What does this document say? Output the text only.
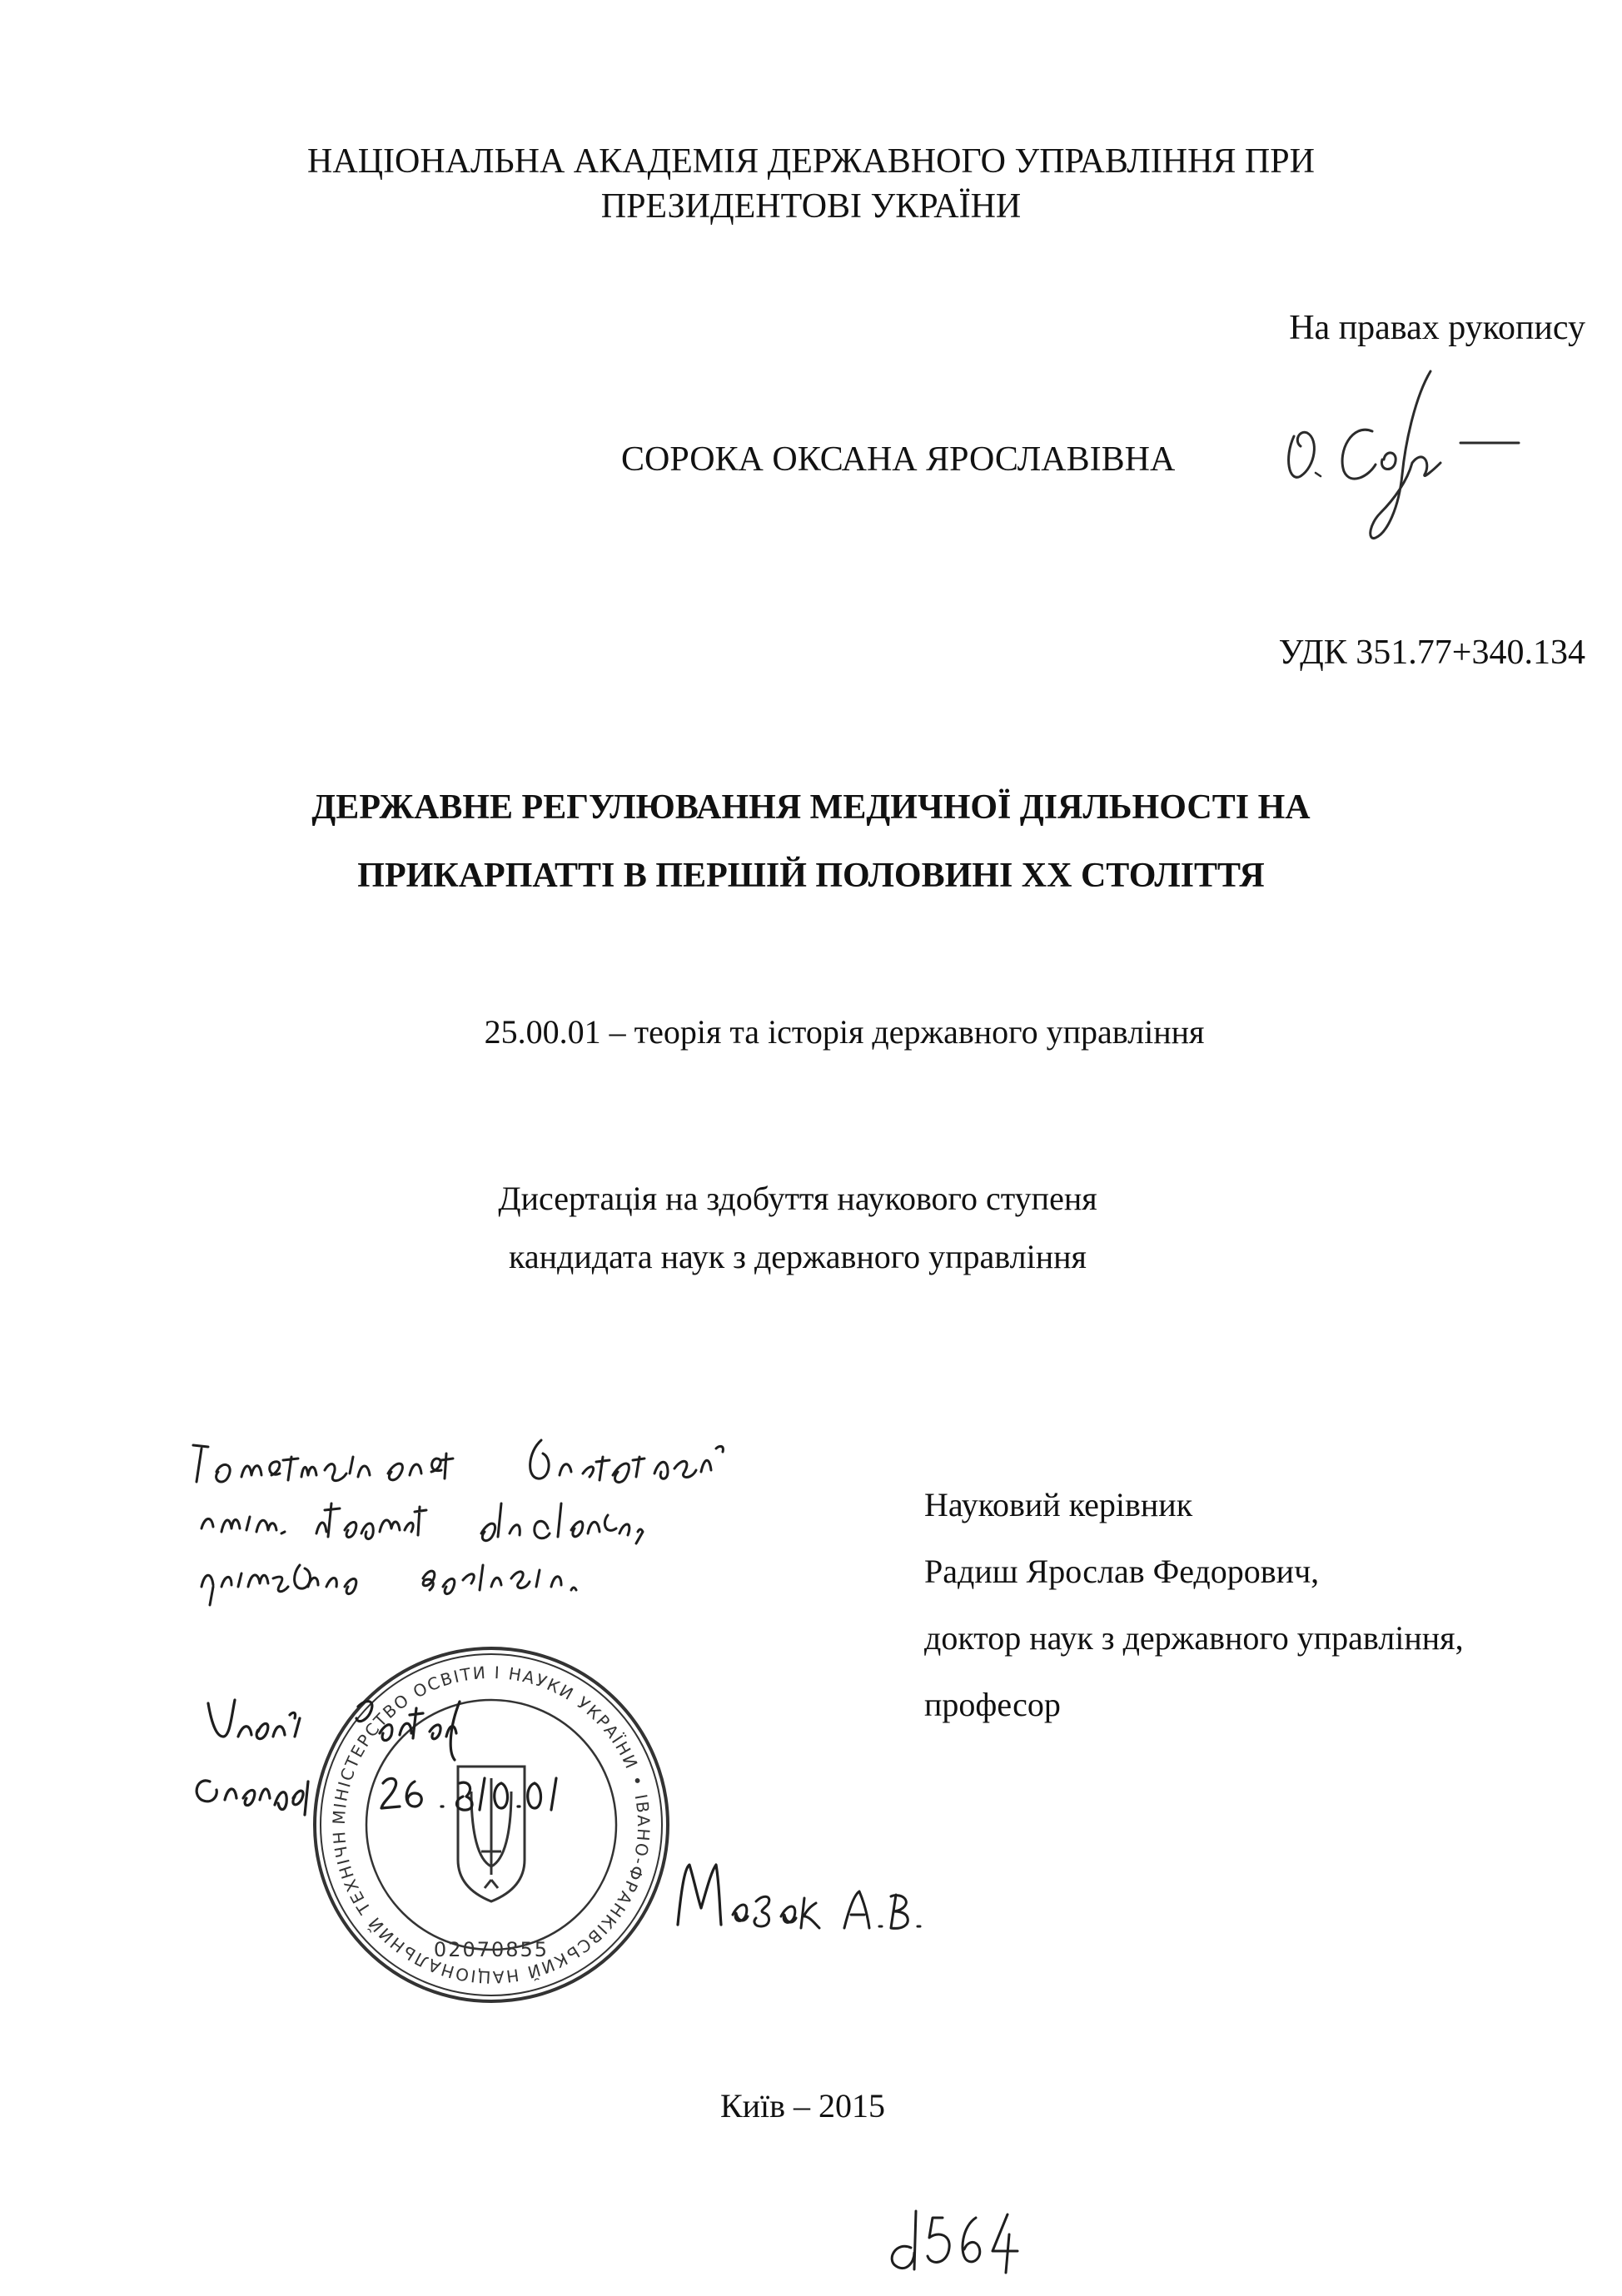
НАЦІОНАЛЬНА АКАДЕМІЯ ДЕРЖАВНОГО УПРАВЛІННЯ ПРИ
ПРЕЗИДЕНТОВІ УКРАЇНИ
На правах рукопису
СОРОКА ОКСАНА ЯРОСЛАВІВНА
УДК 351.77+340.134
ДЕРЖАВНЕ РЕГУЛЮВАННЯ МЕДИЧНОЇ ДІЯЛЬНОСТІ НА
ПРИКАРПАТТІ В ПЕРШІЙ ПОЛОВИНІ ХХ СТОЛІТТЯ
25.00.01 – теорія та історія державного управління
Дисертація на здобуття наукового ступеня
кандидата наук з державного управління
Науковий керівник
Радиш Ярослав Федорович,
доктор наук з державного управління,
професор
МІНІСТЕРСТВО ОСВІТИ І НАУКИ УКРАЇНИ • ІВАНО-ФРАНКІВСЬКИЙ НАЦІОНАЛЬНИЙ ТЕХНІЧНИЙ УНІВЕРСИТЕТ НАФТИ І ГАЗУ
02070855
Київ – 2015
